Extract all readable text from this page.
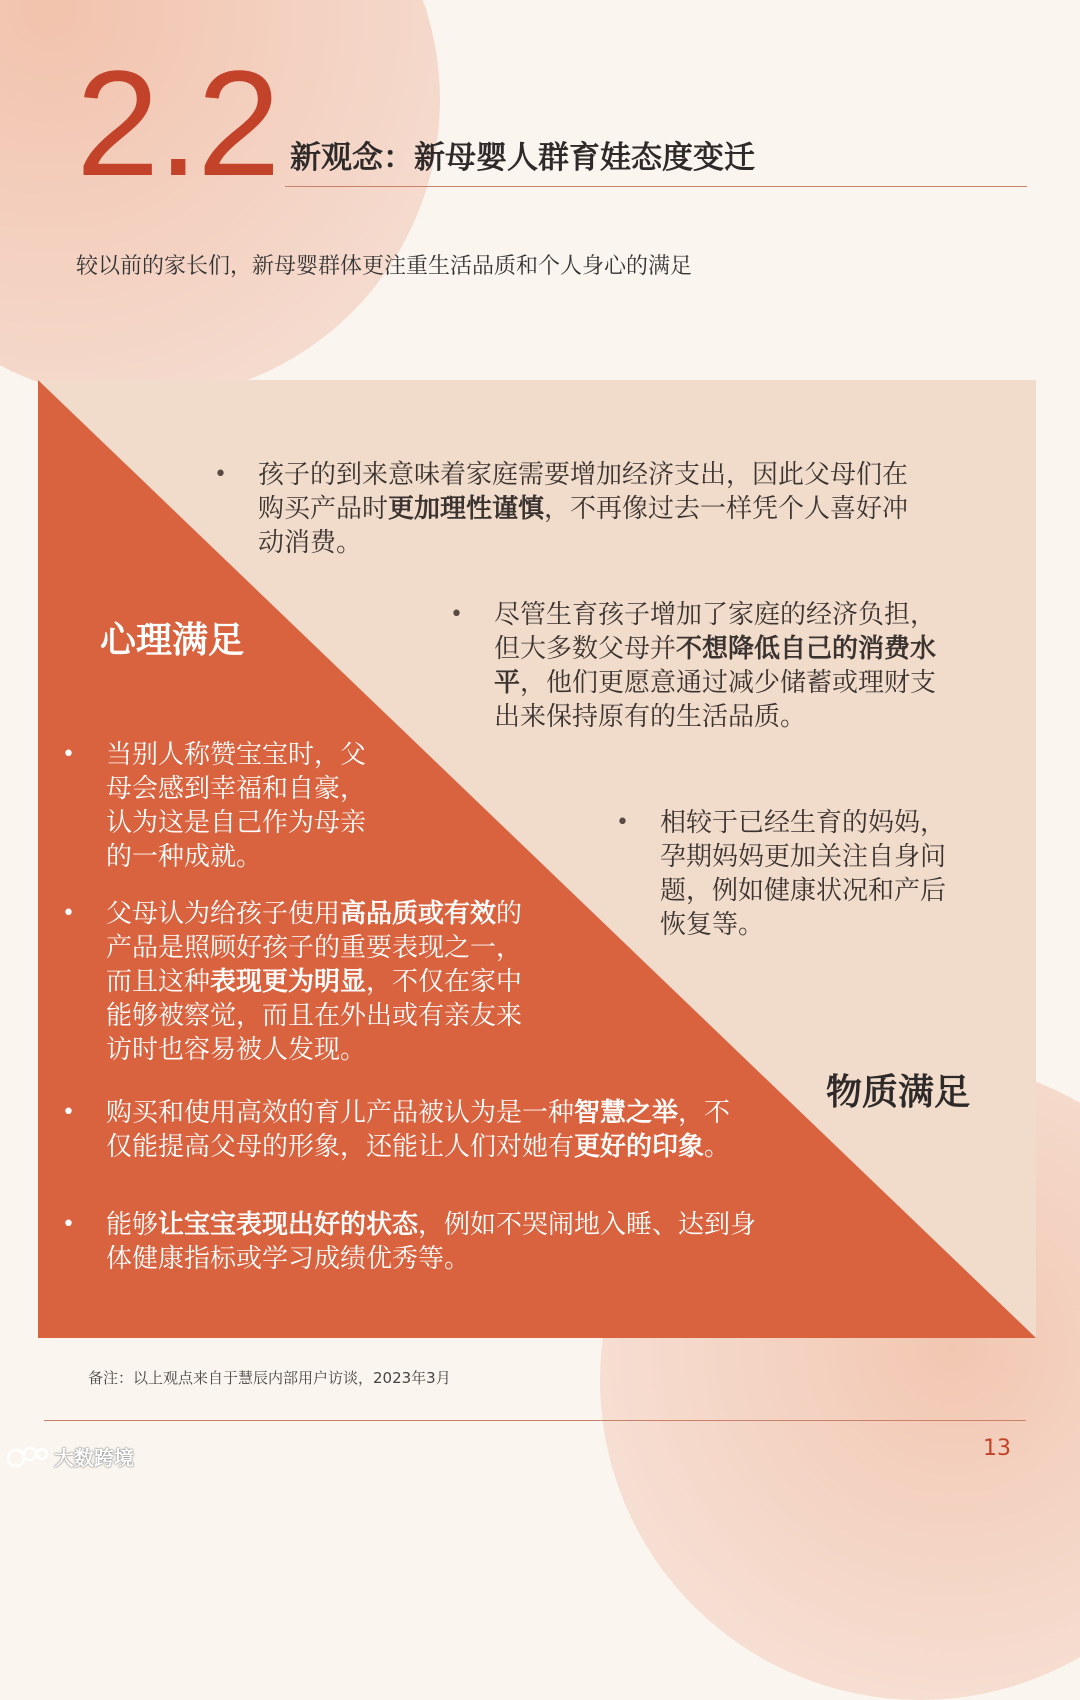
2.2 新观念：新母婴人群育娃态度变迁
较以前的家长们，新母婴群体更注重生活品质和个人身心的满足
• 孩子的到来意味着家庭需要增加经济支出，因此父母们在
购买产品时更加理性谨慎，不再像过去一样凭个人喜好冲
动消费。
• 尽管生育孩子增加了家庭的经济负担，
但大多数父母并不想降低自己的消费水
平，他们更愿意通过减少储蓄或理财支
出来保持原有的生活品质。
• 相较于已经生育的妈妈，
孕期妈妈更加关注自身问
题，例如健康状况和产后
恢复等。
心理满足
物质满足
• 当别人称赞宝宝时，父
母会感到幸福和自豪，
认为这是自己作为母亲
的一种成就。
• 父母认为给孩子使用高品质或有效的
产品是照顾好孩子的重要表现之一，
而且这种表现更为明显，不仅在家中
能够被察觉，而且在外出或有亲友来
访时也容易被人发现。
• 购买和使用高效的育儿产品被认为是一种智慧之举，不
仅能提高父母的形象，还能让人们对她有更好的印象。
• 能够让宝宝表现出好的状态，例如不哭闹地入睡、达到身
体健康指标或学习成绩优秀等。
备注：以上观点来自于慧辰内部用户访谈，2023年3月
13
大数跨境
